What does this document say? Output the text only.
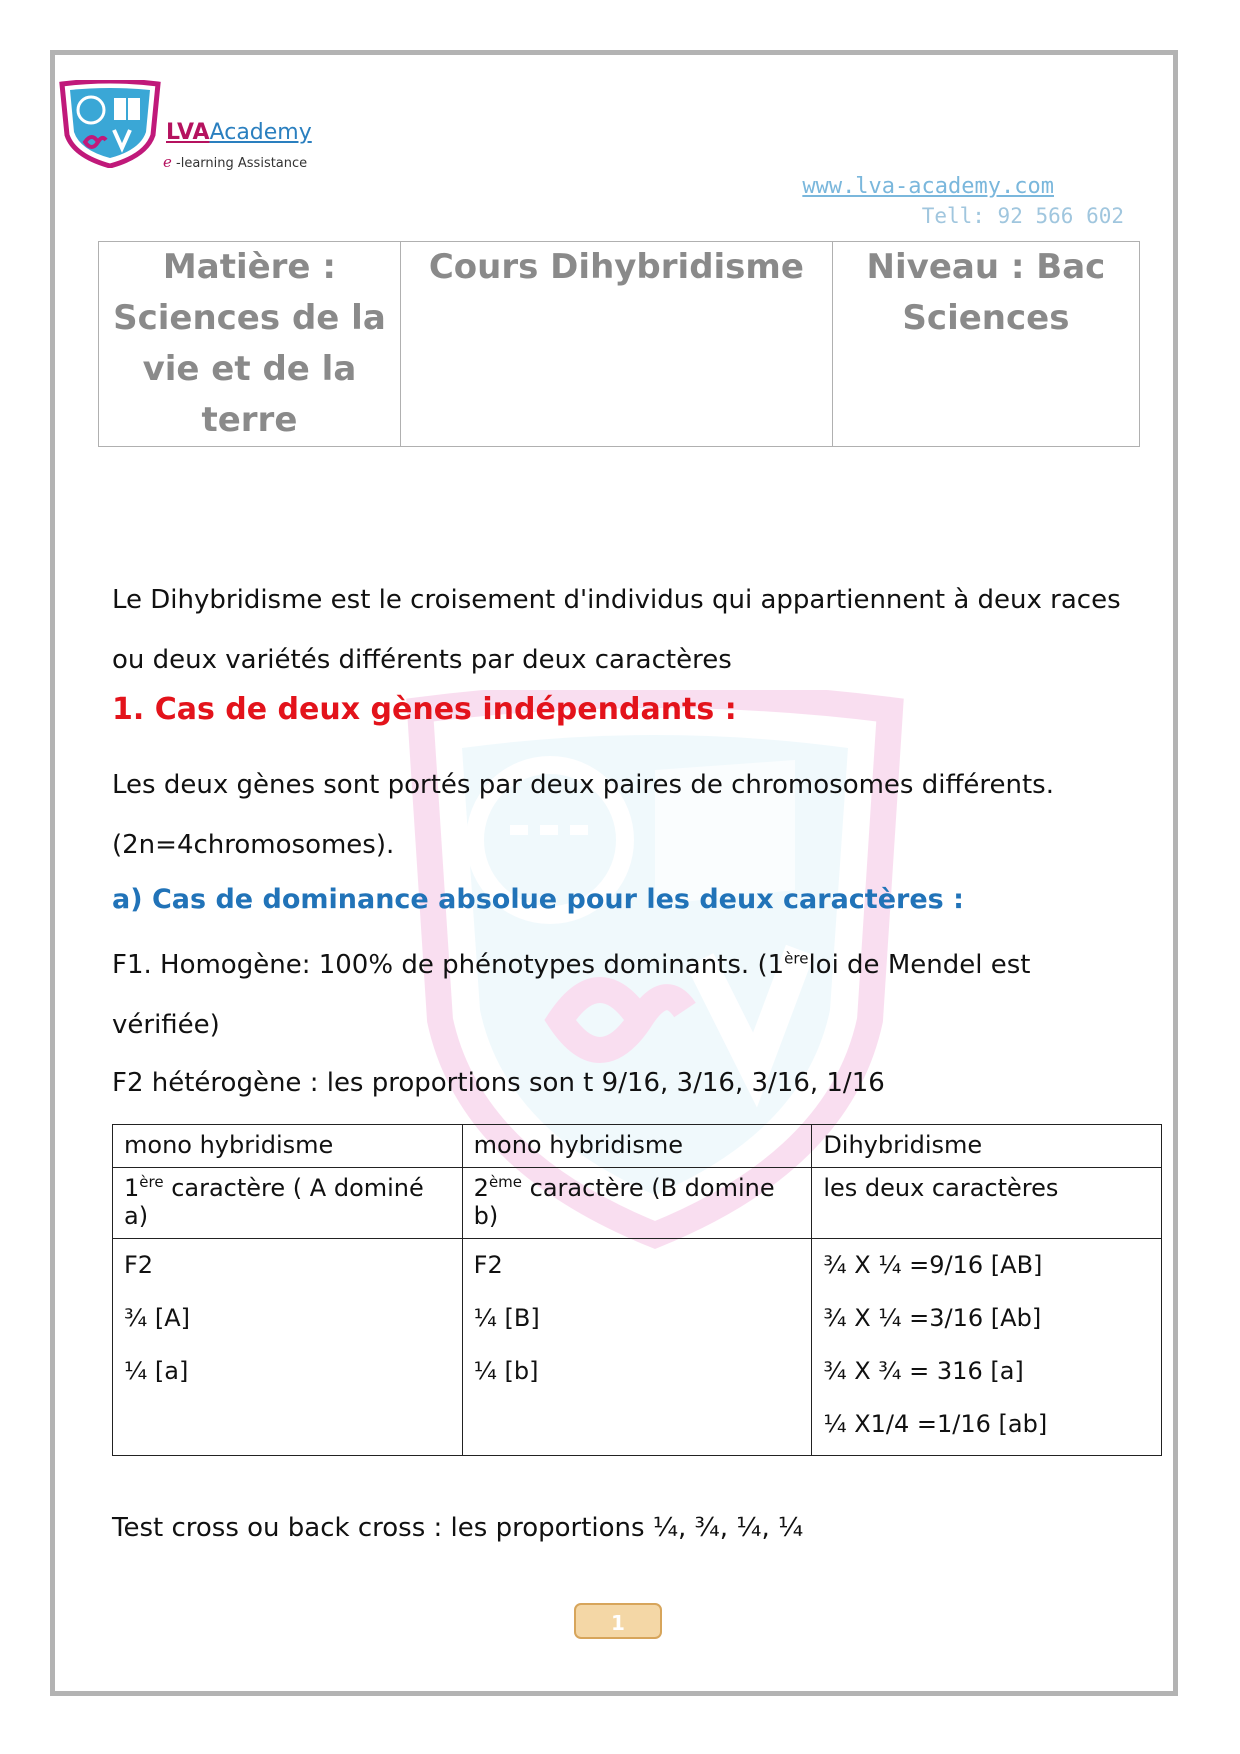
LVAAcademy
e -learning Assistance
www.lva-academy.com
Tell: 92 566 602
Matière : Sciences de la vie et de la terre	Cours Dihybridisme	Niveau : Bac Sciences
Le Dihybridisme est le croisement d'individus qui appartiennent à deux races ou deux variétés différents par deux caractères
1. Cas de deux gènes indépendants :
Les deux gènes sont portés par deux paires de chromosomes différents. (2n=4chromosomes).
a) Cas de dominance absolue pour les deux caractères :
F1. Homogène: 100% de phénotypes dominants. (1èreloi de Mendel est vérifiée)
F2 hétérogène : les proportions son t 9/16, 3/16, 3/16, 1/16
mono hybridisme	mono hybridisme	Dihybridisme
1ère caractère ( A dominé a)	2ème caractère (B domine b)	les deux caractères

F2
¾ [A]
¼ [a]	F2
¼ [B]
¼ [b]	¾ X ¼ =9/16 [AB]
¾ X ¼ =3/16 [Ab]
¾ X ¾ = 316 [a]
¼ X1/4 =1/16 [ab]
Test cross ou back cross : les proportions ¼, ¾, ¼, ¼
1
